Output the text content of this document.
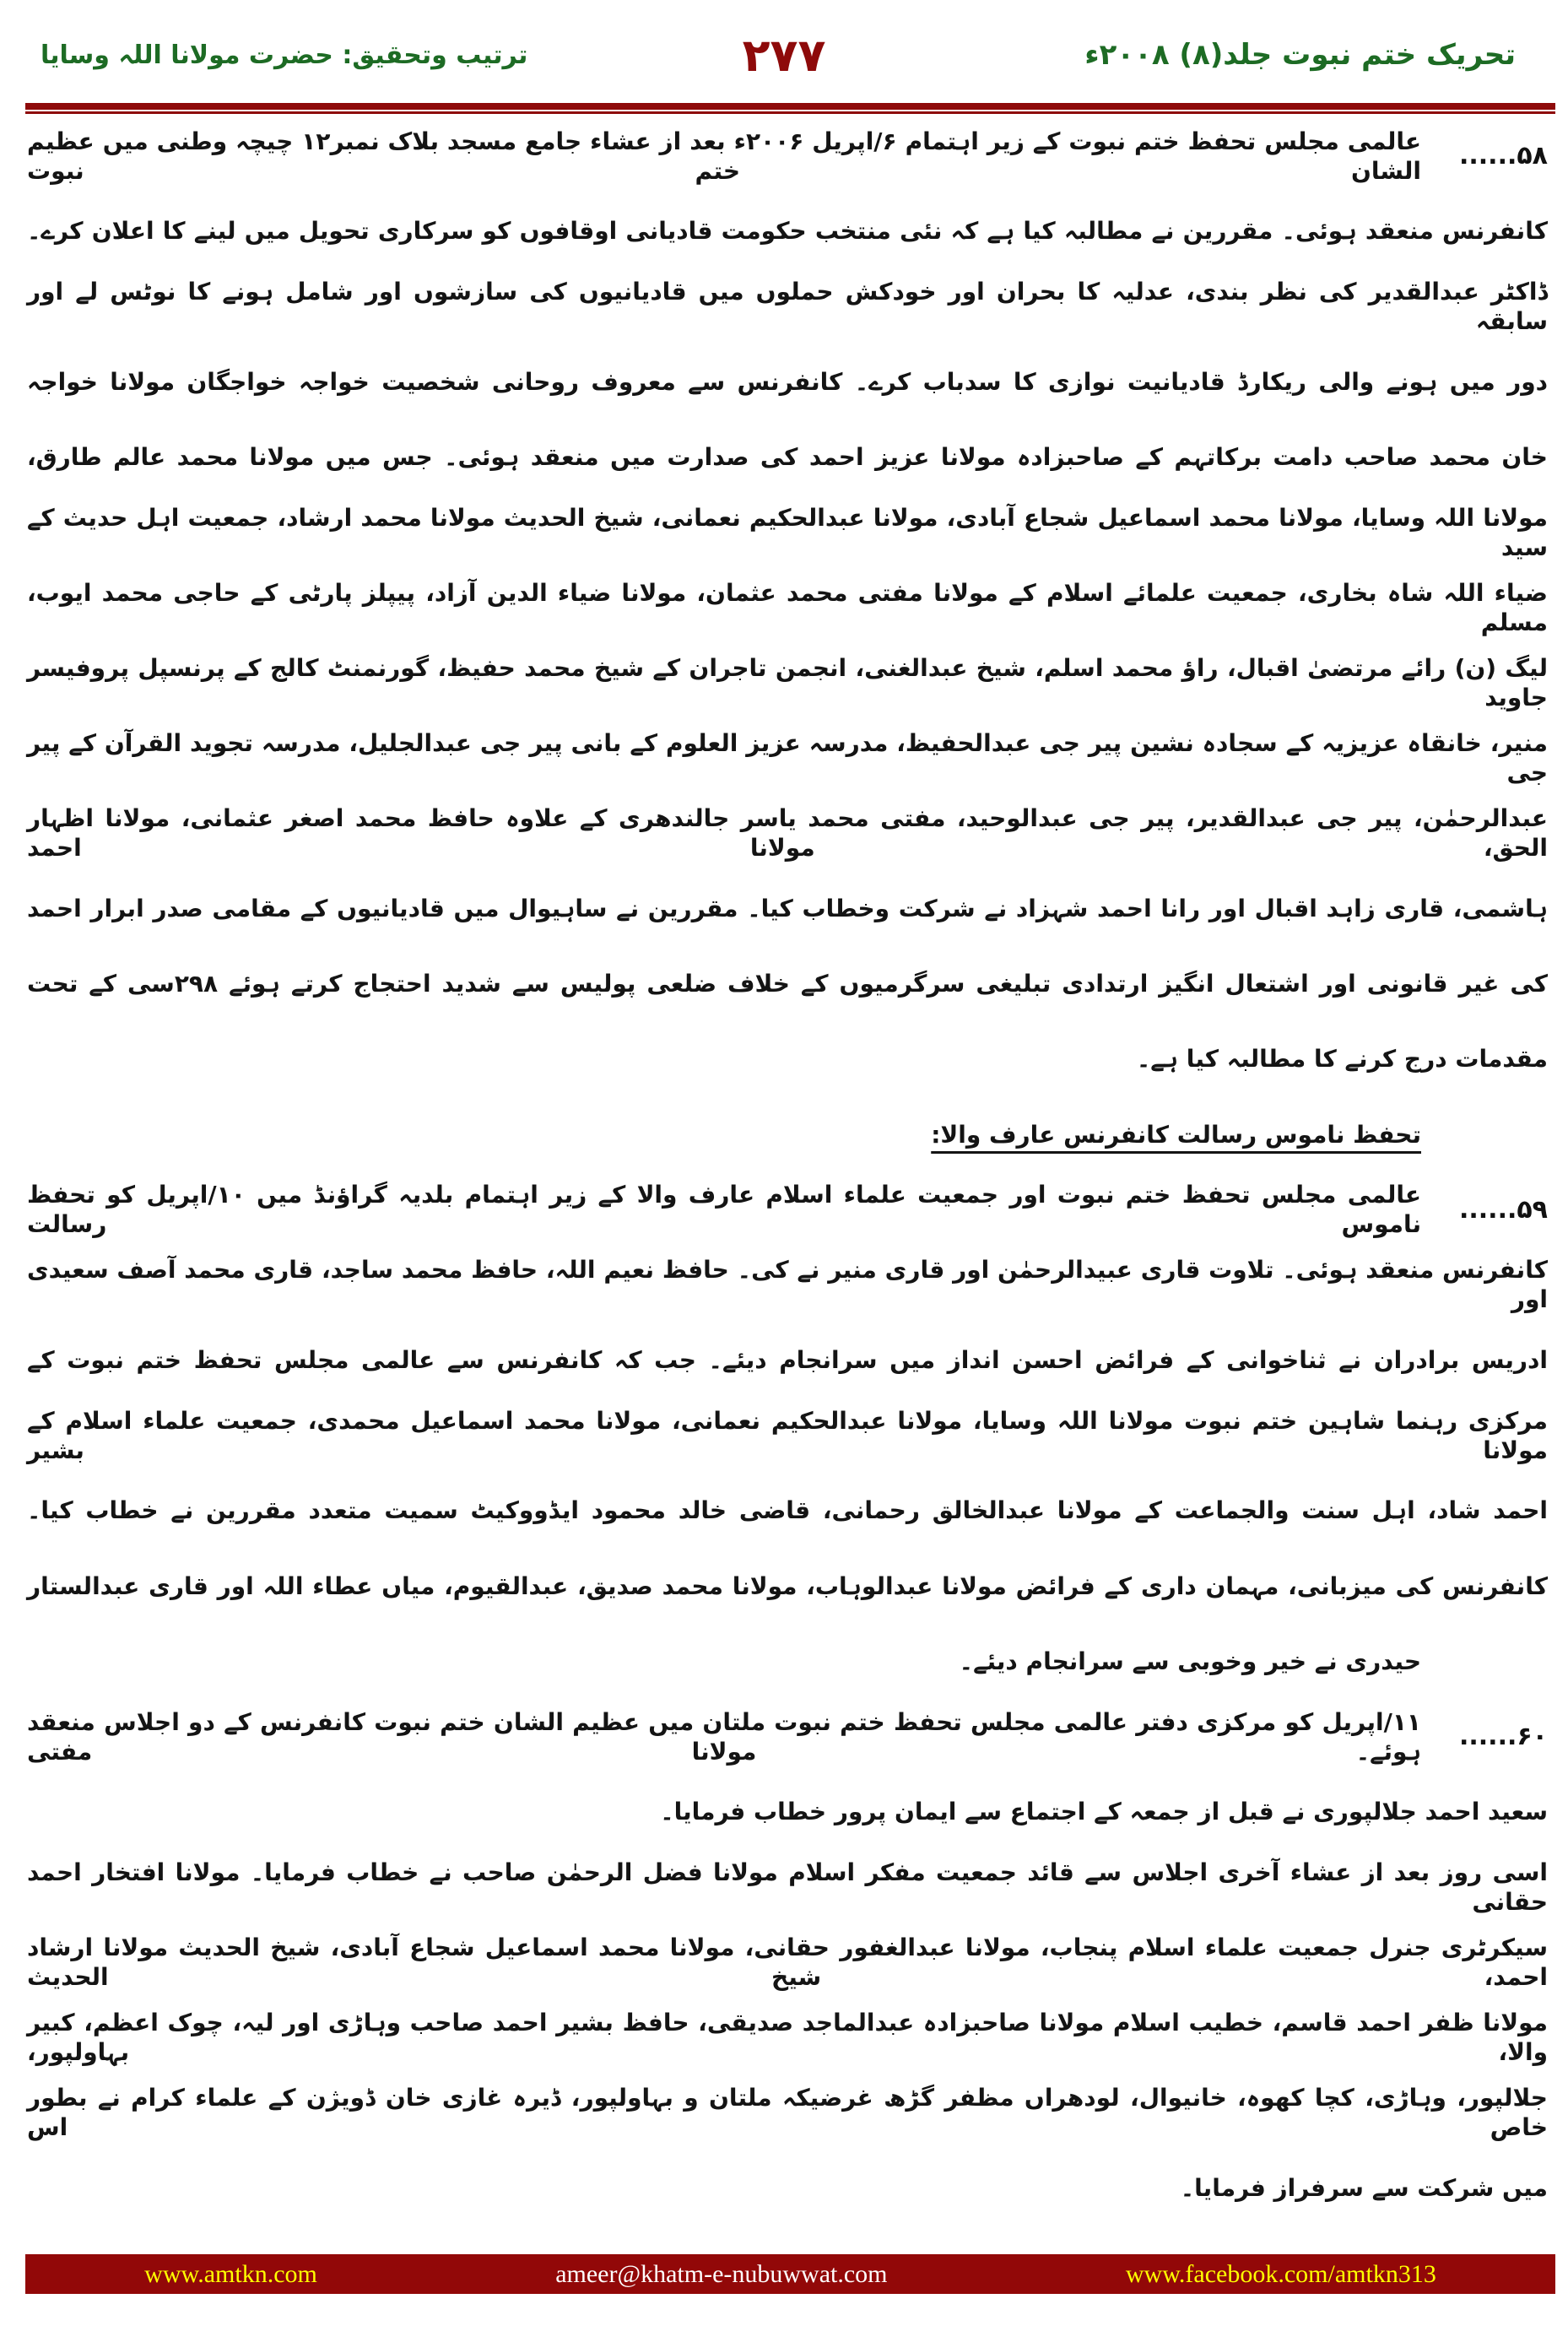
تحریک ختم نبوت جلد(۸) ۲۰۰۸ء
۲۷۷
ترتیب وتحقیق: حضرت مولانا اللہ وسایا
۵۸......
عالمی مجلس تحفظ ختم نبوت کے زیر اہتمام ۶/اپریل ۲۰۰۶ء بعد از عشاء جامع مسجد بلاک نمبر۱۲ چیچہ وطنی میں عظیم الشان ختم نبوت
کانفرنس منعقد ہوئی۔ مقررین نے مطالبہ کیا ہے کہ نئی منتخب حکومت قادیانی اوقافوں کو سرکاری تحویل میں لینے کا اعلان کرے۔
ڈاکٹر عبدالقدیر کی نظر بندی، عدلیہ کا بحران اور خودکش حملوں میں قادیانیوں کی سازشوں اور شامل ہونے کا نوٹس لے اور سابقہ
دور میں ہونے والی ریکارڈ قادیانیت نوازی کا سدباب کرے۔ کانفرنس سے معروف روحانی شخصیت خواجہ خواجگان مولانا خواجہ
خان محمد صاحب دامت برکاتہم کے صاحبزادہ مولانا عزیز احمد کی صدارت میں منعقد ہوئی۔ جس میں مولانا محمد عالم طارق،
مولانا اللہ وسایا، مولانا محمد اسماعیل شجاع آبادی، مولانا عبدالحکیم نعمانی، شیخ الحدیث مولانا محمد ارشاد، جمعیت اہل حدیث کے سید
ضیاء اللہ شاہ بخاری، جمعیت علمائے اسلام کے مولانا مفتی محمد عثمان، مولانا ضیاء الدین آزاد، پیپلز پارٹی کے حاجی محمد ایوب، مسلم
لیگ (ن) رائے مرتضیٰ اقبال، راؤ محمد اسلم، شیخ عبدالغنی، انجمن تاجران کے شیخ محمد حفیظ، گورنمنٹ کالج کے پرنسپل پروفیسر جاوید
منیر، خانقاہ عزیزیہ کے سجادہ نشین پیر جی عبدالحفیظ، مدرسہ عزیز العلوم کے بانی پیر جی عبدالجلیل، مدرسہ تجوید القرآن کے پیر جی
عبدالرحمٰن، پیر جی عبدالقدیر، پیر جی عبدالوحید، مفتی محمد یاسر جالندھری کے علاوہ حافظ محمد اصغر عثمانی، مولانا اظہار الحق، مولانا احمد
ہاشمی، قاری زاہد اقبال اور رانا احمد شہزاد نے شرکت وخطاب کیا۔ مقررین نے ساہیوال میں قادیانیوں کے مقامی صدر ابرار احمد
کی غیر قانونی اور اشتعال انگیز ارتدادی تبلیغی سرگرمیوں کے خلاف ضلعی پولیس سے شدید احتجاج کرتے ہوئے ۲۹۸سی کے تحت
مقدمات درج کرنے کا مطالبہ کیا ہے۔
تحفظ ناموس رسالت کانفرنس عارف والا:
۵۹......
عالمی مجلس تحفظ ختم نبوت اور جمعیت علماء اسلام عارف والا کے زیر اہتمام بلدیہ گراؤنڈ میں ۱۰/اپریل کو تحفظ ناموس رسالت
کانفرنس منعقد ہوئی۔ تلاوت قاری عبیدالرحمٰن اور قاری منیر نے کی۔ حافظ نعیم اللہ، حافظ محمد ساجد، قاری محمد آصف سعیدی اور
ادریس برادران نے ثناخوانی کے فرائض احسن انداز میں سرانجام دیئے۔ جب کہ کانفرنس سے عالمی مجلس تحفظ ختم نبوت کے
مرکزی رہنما شاہین ختم نبوت مولانا اللہ وسایا، مولانا عبدالحکیم نعمانی، مولانا محمد اسماعیل محمدی، جمعیت علماء اسلام کے مولانا بشیر
احمد شاد، اہل سنت والجماعت کے مولانا عبدالخالق رحمانی، قاضی خالد محمود ایڈووکیٹ سمیت متعدد مقررین نے خطاب کیا۔
کانفرنس کی میزبانی، مہمان داری کے فرائض مولانا عبدالوہاب، مولانا محمد صدیق، عبدالقیوم، میاں عطاء اللہ اور قاری عبدالستار
حیدری نے خیر وخوبی سے سرانجام دیئے۔
۶۰......
۱۱/اپریل کو مرکزی دفتر عالمی مجلس تحفظ ختم نبوت ملتان میں عظیم الشان ختم نبوت کانفرنس کے دو اجلاس منعقد ہوئے۔ مولانا مفتی
سعید احمد جلالپوری نے قبل از جمعہ کے اجتماع سے ایمان پرور خطاب فرمایا۔
اسی روز بعد از عشاء آخری اجلاس سے قائد جمعیت مفکر اسلام مولانا فضل الرحمٰن صاحب نے خطاب فرمایا۔ مولانا افتخار احمد حقانی
سیکرٹری جنرل جمعیت علماء اسلام پنجاب، مولانا عبدالغفور حقانی، مولانا محمد اسماعیل شجاع آبادی، شیخ الحدیث مولانا ارشاد احمد، شیخ الحدیث
مولانا ظفر احمد قاسم، خطیب اسلام مولانا صاحبزادہ عبدالماجد صدیقی، حافظ بشیر احمد صاحب وہاڑی اور لیہ، چوک اعظم، کبیر والا، بہاولپور،
جلالپور، وہاڑی، کچا کھوہ، خانیوال، لودھراں مظفر گڑھ غرضیکہ ملتان و بہاولپور، ڈیرہ غازی خان ڈویژن کے علماء کرام نے بطور خاص اس
میں شرکت سے سرفراز فرمایا۔
www.amtkn.com	ameer@khatm-e-nubuwwat.com	www.facebook.com/amtkn313
